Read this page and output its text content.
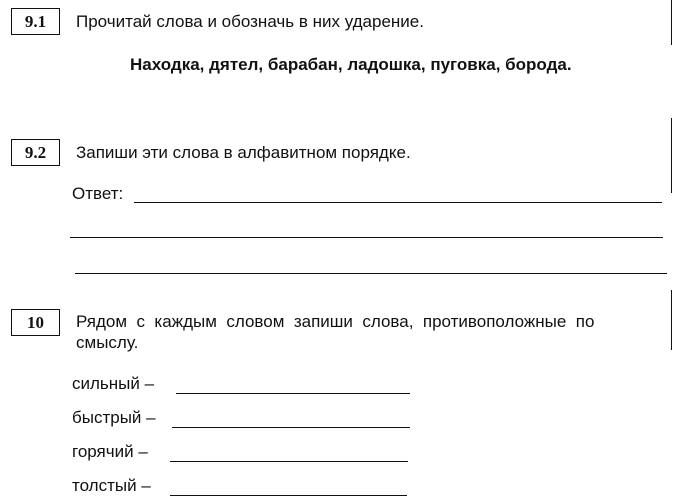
9.1	Прочитай слова и обозначь в них ударение.
Находка, дятел, барабан, ладошка, пуговка, борода.
9.2	Запиши эти слова в алфавитном порядке.
Ответ:
10	Рядом  с  каждым  словом  запиши  слова,  противоположные  по
смыслу.
сильный –
быстрый –
горячий –
толстый –
